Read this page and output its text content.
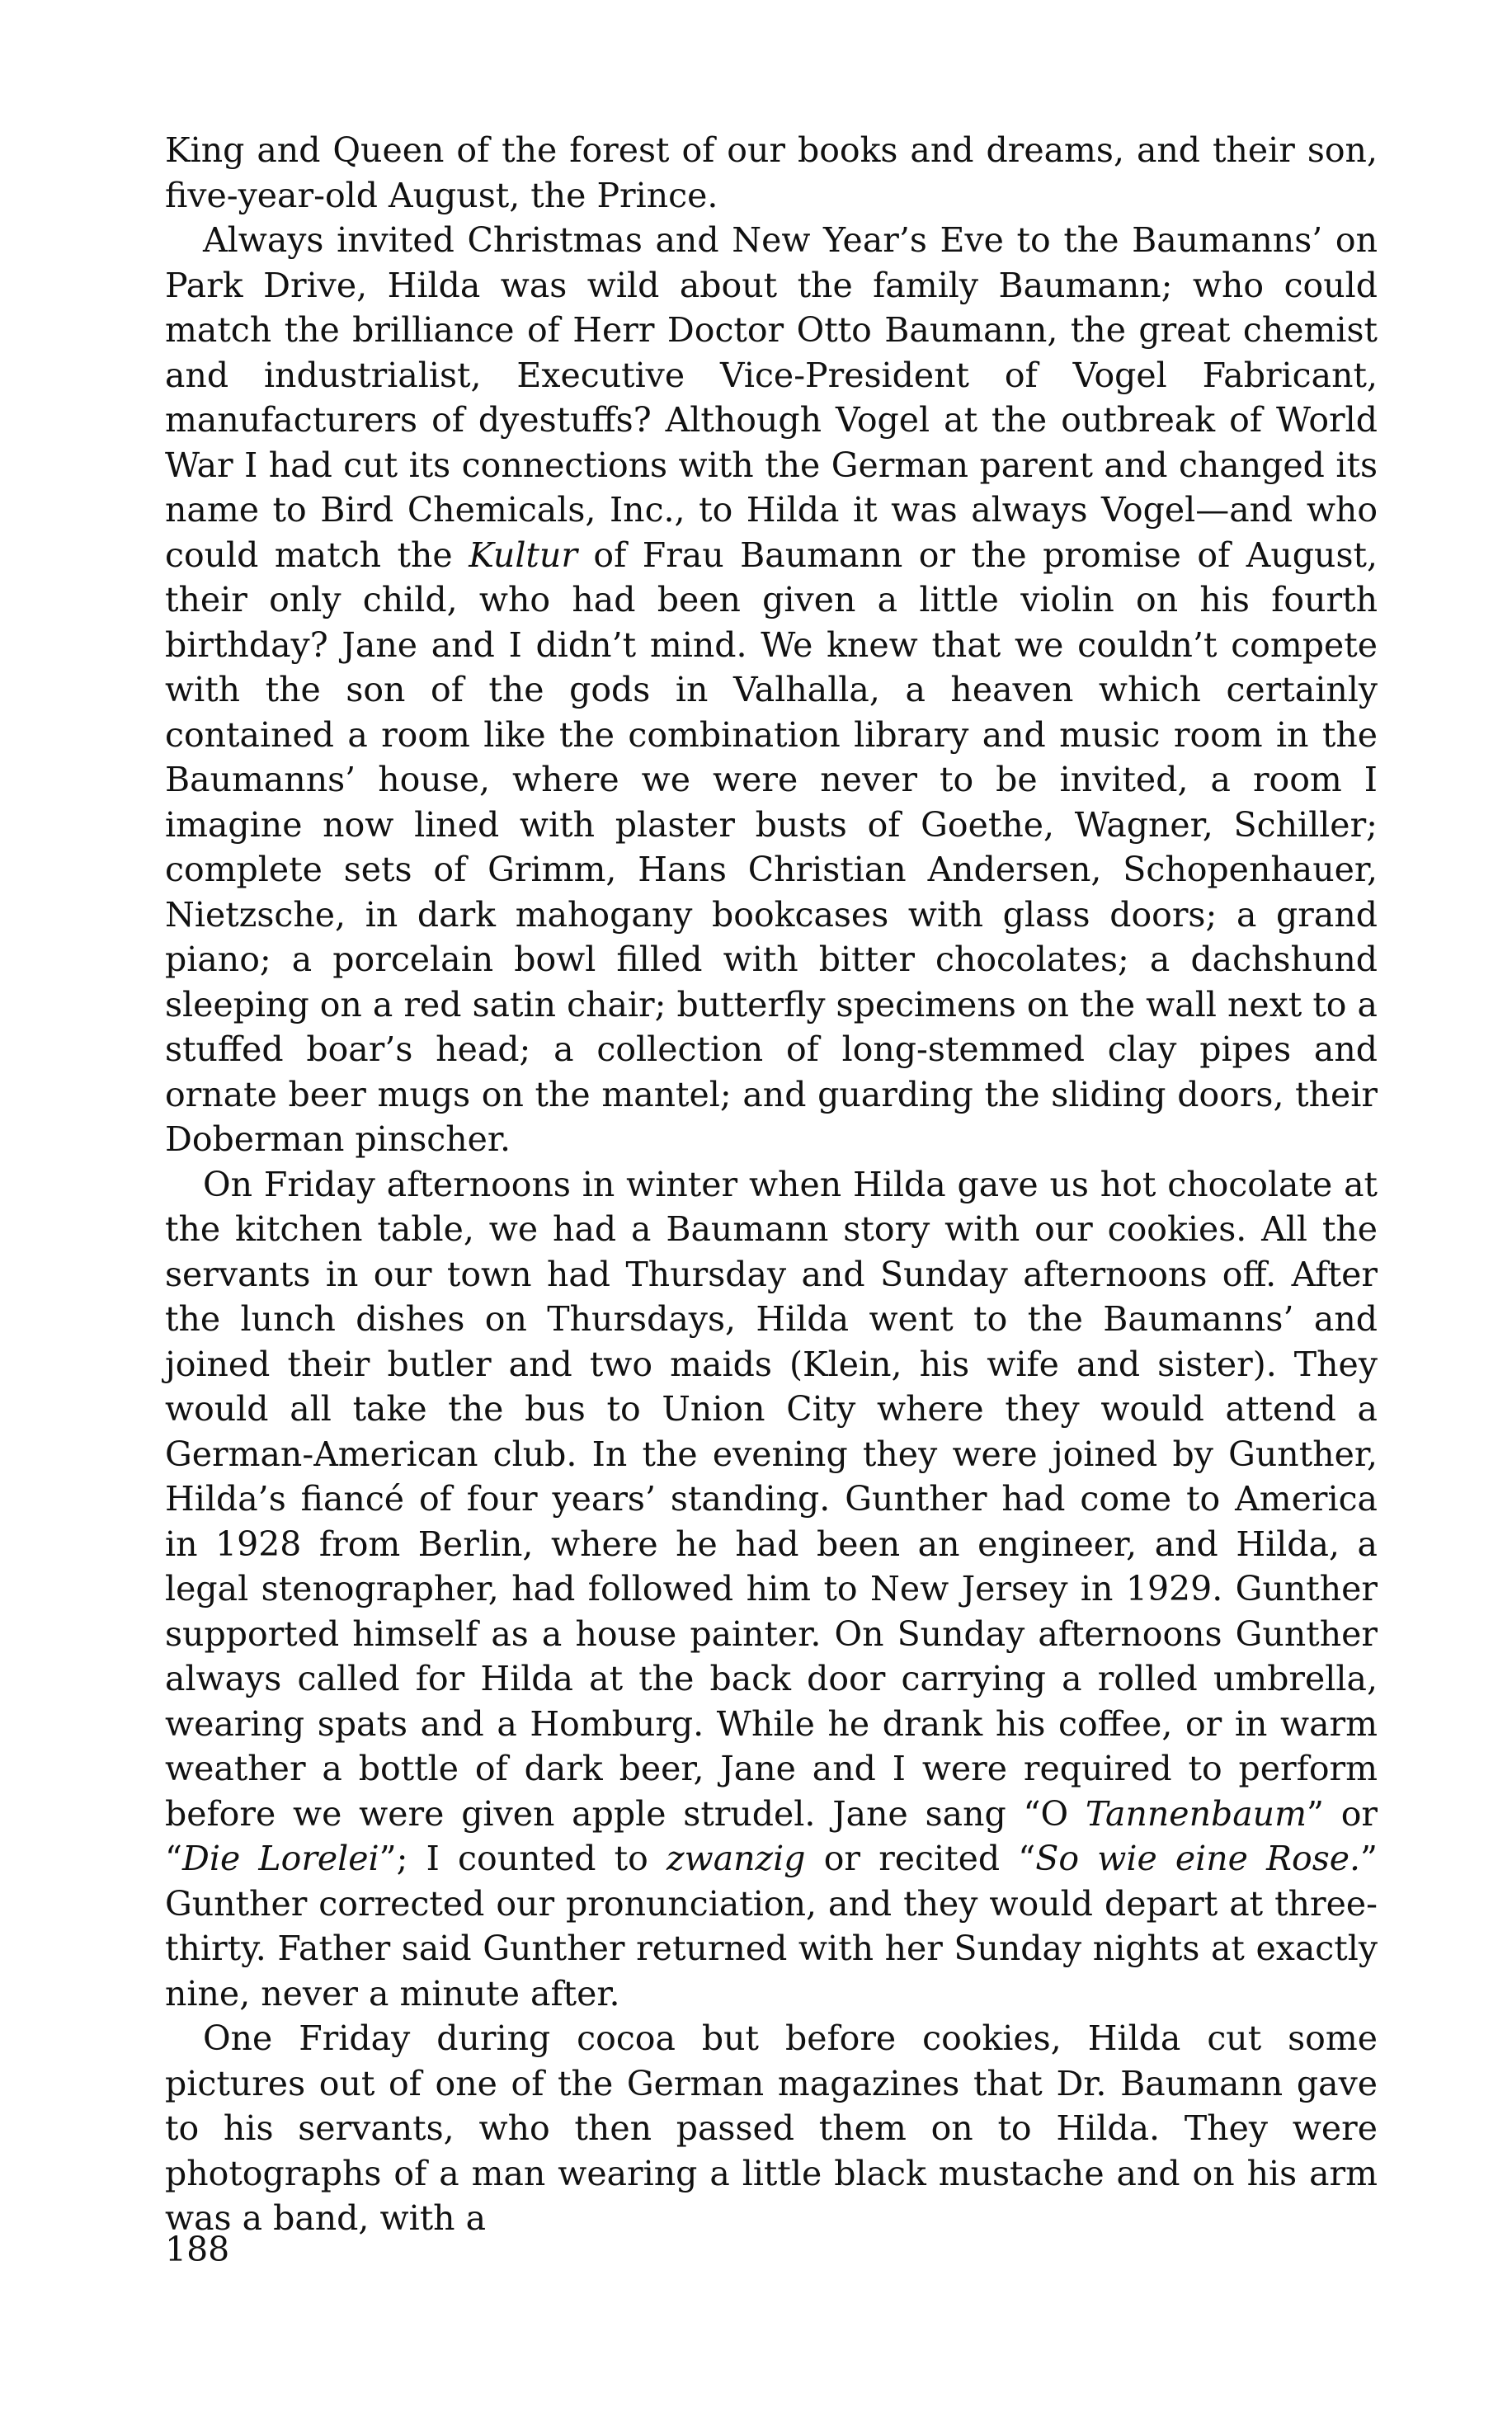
King and Queen of the forest of our books and dreams, and their son, five-year-old August, the Prince.

Always invited Christmas and New Year’s Eve to the Baumanns’ on Park Drive, Hilda was wild about the family Baumann; who could match the brilliance of Herr Doctor Otto Baumann, the great chemist and industrialist, Executive Vice-President of Vogel Fabricant, manufacturers of dyestuffs? Although Vogel at the outbreak of World War I had cut its connections with the German parent and changed its name to Bird Chemicals, Inc., to Hilda it was always Vogel—and who could match the Kultur of Frau Baumann or the promise of August, their only child, who had been given a little violin on his fourth birthday? Jane and I didn’t mind. We knew that we couldn’t compete with the son of the gods in Valhalla, a heaven which certainly contained a room like the combination library and music room in the Baumanns’ house, where we were never to be invited, a room I imagine now lined with plaster busts of Goethe, Wagner, Schiller; complete sets of Grimm, Hans Christian Andersen, Schopenhauer, Nietzsche, in dark mahogany bookcases with glass doors; a grand piano; a porcelain bowl filled with bitter chocolates; a dachshund sleeping on a red satin chair; butterfly specimens on the wall next to a stuffed boar’s head; a collection of long-stemmed clay pipes and ornate beer mugs on the mantel; and guarding the sliding doors, their Doberman pinscher.

On Friday afternoons in winter when Hilda gave us hot chocolate at the kitchen table, we had a Baumann story with our cookies. All the servants in our town had Thursday and Sunday afternoons off. After the lunch dishes on Thursdays, Hilda went to the Baumanns’ and joined their butler and two maids (Klein, his wife and sister). They would all take the bus to Union City where they would attend a German-American club. In the evening they were joined by Gunther, Hilda’s fiancé of four years’ standing. Gunther had come to America in 1928 from Berlin, where he had been an engineer, and Hilda, a legal stenographer, had followed him to New Jersey in 1929. Gunther supported himself as a house painter. On Sunday afternoons Gunther always called for Hilda at the back door carrying a rolled umbrella, wearing spats and a Homburg. While he drank his coffee, or in warm weather a bottle of dark beer, Jane and I were required to perform before we were given apple strudel. Jane sang “O Tannenbaum” or “Die Lorelei”; I counted to zwanzig or recited “So wie eine Rose.” Gunther corrected our pronunciation, and they would depart at three-thirty. Father said Gunther returned with her Sunday nights at exactly nine, never a minute after.

One Friday during cocoa but before cookies, Hilda cut some pictures out of one of the German magazines that Dr. Baumann gave to his servants, who then passed them on to Hilda. They were photographs of a man wearing a little black mustache and on his arm was a band, with a

188
